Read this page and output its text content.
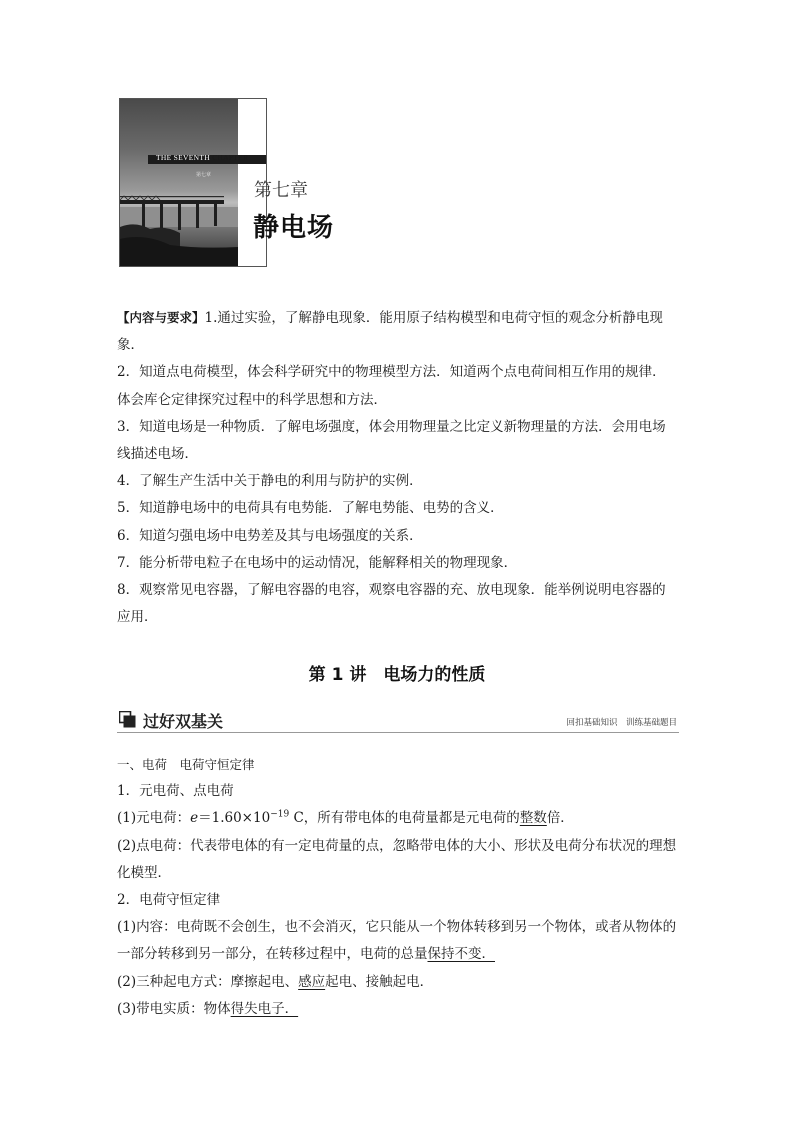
THE SEVENTH CHAPTER
第七章
第七章
静电场

【内容与要求】1.通过实验，了解静电现象．能用原子结构模型和电荷守恒的观念分析静电现象．

2．知道点电荷模型，体会科学研究中的物理模型方法．知道两个点电荷间相互作用的规律．体会库仑定律探究过程中的科学思想和方法．

3．知道电场是一种物质．了解电场强度，体会用物理量之比定义新物理量的方法．会用电场线描述电场．

4．了解生产生活中关于静电的利用与防护的实例．

5．知道静电场中的电荷具有电势能．了解电势能、电势的含义．

6．知道匀强电场中电势差及其与电场强度的关系．

7．能分析带电粒子在电场中的运动情况，能解释相关的物理现象．

8．观察常见电容器，了解电容器的电容，观察电容器的充、放电现象．能举例说明电容器的应用．

第 1 讲　电场力的性质
过好双基关	回扣基础知识　训练基础题目

一、电荷　电荷守恒定律

1．元电荷、点电荷

(1)元电荷：$e=1.60\times 10^{-19}$ C，所有带电体的电荷量都是元电荷的整数倍．

(2)点电荷：代表带电体的有一定电荷量的点，忽略带电体的大小、形状及电荷分布状况的理想化模型．

2．电荷守恒定律

(1)内容：电荷既不会创生，也不会消灭，它只能从一个物体转移到另一个物体，或者从物体的一部分转移到另一部分，在转移过程中，电荷的总量保持不变．

(2)三种起电方式：摩擦起电、感应起电、接触起电．

(3)带电实质：物体得失电子．
